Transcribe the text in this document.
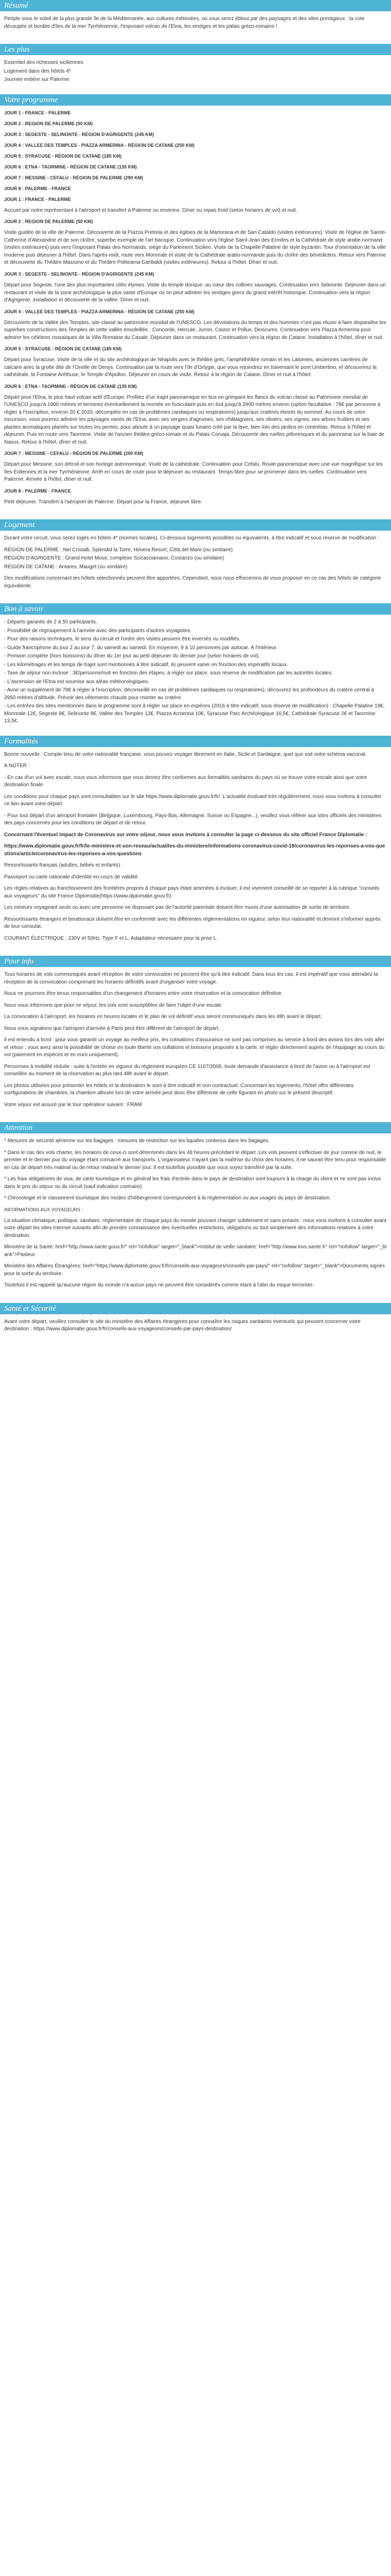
Résumé

Périple sous le soleil de la plus grande île de la Méditerranée, aux cultures métissées, où vous serez ébloui par des paysages et des sites prestigieux : la cote découpée et bordée d'îles de la mer Tyrrhénienne, l'imposant volcan de l'Etna, les vestiges et les palais gréco-romains !

Les plus

Essentiel des richesses siciliennes

Logement dans des hôtels 4*

Journée entière sur Palerme

Votre programme

JOUR 1 : FRANCE - PALERME

JOUR 2 : REGION DE PALERME (50 KM)

JOUR 3 : SEGESTE - SELINONTE - RÉGION D'AGRIGENTE (245 KM)

JOUR 4 : VALLEE DES TEMPLES - PIAZZA ARMERINA - RÉGION DE CATANE (250 KM)

JOUR 5 : SYRACUSE - RÉGION DE CATANE (185 KM)

JOUR 6 : ETNA - TAORMINE - RÉGION DE CATANE (135 KM)

JOUR 7 : MESSINE - CEFALU - RÉGION DE PALERME (290 KM)

JOUR 8 : PALERME - FRANCE

JOUR 1 : FRANCE - PALERME

Accueil par notre représentant à l'aéroport et transfert à Palerme ou environs. Dîner ou repas froid (selon horaires de vol) et nuit.

JOUR 2 : REGION DE PALERME (50 KM)

Visite guidée de la ville de Palerme. Découverte de la Piazza Pretoria et des églises de la Martorana et de San Cataldo (visites extérieures). Visite de l'église de Sainte-Catherine d'Alexandrie et de son cloître, superbe exemple de l'art baroque. Continuation vers l'église Saint-Jean des Ermites et la Cathédrale de style arabe-normand (visites extérieures) puis vers l'imposant Palais des Normands, siège du Parlement Sicilien. Visite de la Chapelle Palatine de style byzantin. Tour d'orientation de la ville moderne puis déjeuner à l'hôtel. Dans l'après-midi, route vers Monreale et visite de la Cathédrale arabo-normande puis du cloître des bénédictins. Retour vers Palerme et découverte du Théâtre Massimo et du Théâtre Politeama Garibaldi (visites extérieures). Retour à l'hôtel. Dîner et nuit.

JOUR 3 : SEGESTE - SELINONTE - RÉGION D'AGRIGENTE (245 KM)

Départ pour Segeste, l'une des plus importantes cités élymes. Visite du temple dorique, au cœur des collines sauvages. Continuation vers Selinonte. Déjeuner dans un restaurant et visite de la zone archéologique la plus vaste d'Europe où on peut admirer les vestiges grecs du grand intérêt historique. Continuation vers la région d'Agrigente, installation et découverte de la vallée. Dîner et nuit.

JOUR 4 : VALLEE DES TEMPLES - PIAZZA ARMERINA - RÉGION DE CATANE (250 KM)

Découverte de la Vallée des Temples, site classé au patrimoine mondial de l'UNESCO. Les dévotations du temps et des hommes n'ont pas réussi à faire disparaître les superbes constructions des Temples de cette vallée ensoleillée : Concorde, Hercule, Junon, Castor et Pollux, Dioscures. Continuation vers Piazza Armerina pour admirer les célèbres mosaïques de la Villa Romaine du Casale. Déjeuner dans un restaurant. Continuation vers la région de Catane. Installation à l'hôtel, dîner et nuit.

JOUR 5 : SYRACUSE - RÉGION DE CATANE (185 KM)

Départ pour Syracuse. Visite de la ville et du site archéologique de Néapolis avec le théâtre grec, l'amphithéâtre romain et les Latomies, anciennes carrières de calcaire avec la grotte dite de l'Oreille de Denys. Continuation par la route vers l'île d'Ortygie, que vous rejoindrez en traversant le pont Umbertino, et découvrirez la cathédrale, la Fontaine Aréthuse, le Temple d'Apollon. Déjeuner en cours de visite. Retour à la région de Catane. Dîner et nuit à l'hôtel.

JOUR 6 : ETNA - TAORMINE - RÉGION DE CATANE (135 KM)

Départ pour l'Etna, le plus haut volcan actif d'Europe. Profitez d'un trajet panoramique en bus en grimpant les flancs du volcan classé au Patrimoine mondial de l'UNESCO jusqu'à 1900 mètres et terminez éventuellement la montée en funiculaire puis en 4x4 jusqu'à 2900 mètres environ (option facultative : 78€ par personne à régler à l'inscription, environ 20 € 2020, décomptée en cas de problèmes cardiaques ou respiratoires) jusqu'aux cratères éteints du sommet. Au cours de votre excursion, vous pourrez admirer les paysages variés de l'Etna, avec ses vergers d'agrumes, ses châtaigniers, ses oliviers, ses vignes, ses arbres fruitiers et ses plantes aromatiques plantés sur toutes les pentes, pour aboutir à un paysage quasi lunaire créé par la lave, bien loin des jardins en contrebas. Retour à l'hôtel et déjeuner. Puis en route vers Taormine. Visite de l'ancien théâtre gréco-romain et du Palais Corvaja. Découverte des ruelles pittoresques et du panorama sur la baie de Naxos. Retour à l'hôtel, dîner et nuit.

JOUR 7 : MESSINE - CEFALU - RÉGION DE PALERME (290 KM)

Départ pour Messine, son détroit et son horloge astronomique. Visite de la cathédrale. Continuation pour Cefalu. Route panoramique avec une vue magnifique sur les îles Éoliennes et la mer Tyrrhénienne. Arrêt en cours de route pour le déjeuner au restaurant. Temps libre pour se promener dans les ruelles. Continuation vers Palerme. Arrivée à l'hôtel, dîner et nuit.

JOUR 8 : PALERME - FRANCE

Petit déjeuner. Transfert à l'aéroport de Palerme. Départ pour la France, déjeuner libre.

Logement

Durant votre circuit, vous serez logés en hôtels 4* (normes locales). Ci-dessous logements possibles ou équivalents, à titre indicatif et sous réserve de modification :

RÉGION DE PALERME : Nei Cristalli, Splendid la Torre, Himera Resort, Città del Mare (ou similaire)

RÉGION D'AGRIGENTE : Grand Hotel Mose, complexe Scicacciamano, Costanzo (ou similaire)

RÉGION DE CATANE : Antares, Mauget (ou similaire)

Des modifications concernant les hôtels sélectionnés peuvent être apportées. Cependant, nous nous efforcerons de vous proposer en ce cas des hôtels de catégorie équivalente.

Bon à savoir

- Départs garantis de 2 à 50 participants.

- Possibilité de regroupement à l'arrivée avec des participants d'autres voyagistes.

- Pour des raisons techniques, le sens du circuit et l'ordre des visites peuvent être inversés ou modifiés.

- Guide francophone du jour 2 au jour 7, du samedi au samedi. En moyenne, 9 à 10 personnes par autocar. À l'intérieur.

- Pension complète (hors boissons) du dîner du 1er jour au petit déjeuner du dernier jour (selon horaires de vol).

- Les kilométrages et les temps de trajet sont mentionnés à titre indicatif, ils peuvent varier en fonction des impératifs locaux.

- Taxe de séjour non incluse : 3€/personne/nuit en fonction des étapes, à régler sur place, sous réserve de modification par les autorités locales.

- L'ascension de l'Etna est soumise aux aléas météorologiques.

- Avoir un supplément de 78€ à régler à l'inscription, déconseillé en cas de problèmes cardiaques ou respiratoires), découvrez les profondeurs du cratère central à 2950 mètres d'altitude. Prévoir des vêtements chauds pour monter au cratère.

- Les entrées des sites mentionnés dans le programme sont à régler sur place en espèces (2016 à titre indicatif, sous réserve de modification) : Chapelle Palatine 19€, Monreale 12€, Segeste 8€, Selinonte 8€, Vallée des Temples 12€, Piazza Armerina 10€, Syracuse Parc Archéologique 16,5€, Cathédrale Syracuse 2€ et Taormine 13,5€.

Formalités

Bonne nouvelle : Compte tenu de votre nationalité française, vous pouvez voyager librement en Italie, Sicile et Sardaigne, quel que soit votre schéma vaccinal.

A NOTER :

- En cas d'un vol avec escale, nous vous informons que vous devrez être conformes aux formalités sanitaires du pays où se trouve votre escale ainsi que votre destination finale.

Les conditions pour chaque pays sont consultables sur le site https://www.diplomatie.gouv.fr/fr/. L'actualité évoluant très régulièrement, nous vous invitons à consulter ce lien avant votre départ.

- Pour tout départ d'un aéroport frontalier (Belgique, Luxembourg, Pays-Bas, Allemagne, Suisse ou Espagne...), veuillez vous référer aux sites officiels des ministères des pays concernés pour les conditions de départ et de retour.

Concernant l'éventuel impact de Coronavirus sur votre séjour, nous vous invitons à consulter la page ci-dessous du site officiel France Diplomatie :

https://www.diplomatie.gouv.fr/fr/le-ministere-et-son-reseau/actualites-du-ministere/informations-coronavirus-covid-19/coronavirus-les-reponses-a-vos-questions/article/coronavirus-les-reponses-a-vos-questions

Ressortissants français (adultes, bébés et enfants) :

Passeport ou carte nationale d'identité en cours de validité.

Les règles relatives au franchissement des frontières propres à chaque pays étant amenées à évoluer, il est vivement conseillé de se reporter à la rubrique "conseils aux voyageurs" du site France Diplomatie(https://www.diplomatie.gouv.fr).

Les mineurs voyageant seuls ou avec une personne ne disposant pas de l'autorité parentale doivent être munis d'une autorisation de sortie de territoire.

Ressortissants étrangers et binationaux doivent être en conformité avec les différentes réglementations en vigueur, selon leur nationalité et devront s'informer auprès de leur consulat.

COURANT ÉLECTRIQUE : 230V et 50Hz. Type F et L. Adaptateur nécessaire pour la prise L.

Pour info

Tous horaires de vols communiqués avant réception de votre convocation ne peuvent être qu'à titre indicatif. Dans tous les cas, il est impératif que vous attendiez la réception de la convocation comprenant les horaires définitifs avant d'organiser votre voyage.

Nous ne pourrons être tenus responsables d'un changement d'horaires entre votre réservation et la convocation définitive.

Nous vous informons que pour ce séjour, les vols sont susceptibles de faire l'objet d'une escale.

La convocation à l'aéroport, les horaires en heures locales et le plan de vol définitif vous seront communiqués dans les 48h avant le départ.

Nous vous signalons que l'aéroport d'arrivée à Paris peut être différent de l'aéroport de départ.

Il est entendu a bord : pour vous garantir un voyage au meilleur prix, les cotisations d'assurance ne sont pas comprises au service à bord des avions lors des vols aller et retour ; vous avez ainsi la possibilité de choisir en toute liberté vos collations et boissons proposés à la carte, et régler directement auprès de l'équipage au cours du vol (paiement en espèces et en euro uniquement).

Personnes à mobilité réduite : suite à l'entrée en vigueur du règlement européen CE 1107/2006, toute demande d'assistance à bord de l'avion ou à l'aéroport est conseillée au moment de la réservation au plus tard 48h avant le départ.

Les photos utilisées pour présenter les hôtels et la destination le sont à titre indicatif et non contractuel. Concernant les logements, l'hôtel offre différentes configurations de chambres, la chambre allouée lors de votre arrivée peut donc être différente de celle figurant en photo sur le présent descriptif.

Votre séjour est assuré par le tour opérateur suivant : FRAM

Attention

* Mesures de sécurité aérienne sur les bagages : mesures de restriction sur les liquides contenus dans les bagages.

* Dans le cas des vols charter, les horaires de ceux-ci sont déterminés dans les 48 heures précédant le départ. Les vols peuvent s'effectuer de jour comme de nuit, le premier et le dernier jour du voyage étant consacré aux transports. L'organisateur n'ayant pas la maîtrise du choix des horaires, il ne saurait être tenu pour responsable en cas de départ très matinal ou de retour matinal le dernier jour. Il est toutefois possible que vous soyez transféré par la suite.

* Les frais obligatoires de visa, de carte touristique et en général les frais d'entrée dans le pays de destination sont toujours à la charge du client et ne sont pas inclus dans le prix du séjour ou du circuit (sauf indication contraire).

* Chronologie et le classement touristique des modes d'hébergement correspondent à la réglementation ou aux usages du pays de destination.

INFORMATIONS AUX VOYAGEURS :

La situation climatique, politique, sanitaire, réglementaire de chaque pays du monde pouvant changer subitement et sans préavis : nous vous invitons à consulter avant votre départ les sites Internet suivants afin de prendre connaissance des éventuelles restrictions, obligations ou tout simplement des informations relatives à votre destination.

Ministère de la Santé: href="http://www.sante.gouv.fr/" rel="nofollow" target="_blank">Institut de veille sanitaire: href="http://www.invs.sante.fr" rel="nofollow" target="_blank">Pasteur

Ministère des Affaires Étrangères: href="https://www.diplomatie.gouv.fr/fr/conseils-aux-voyageurs/conseils-par-pays/" rel="nofollow" target="_blank">Documents signés pour la sortie du territoire.

Toutefois il est rappelé qu'aucune région du monde n'a aucun pays ne peuvent être considérés comme étant à l'abri du risque terroriste.

Santé et Sécurité

Avant votre départ, veuillez consulter le site du ministère des Affaires étrangères pour connaître les risques sanitaires éventuels qui peuvent concerner votre destination : https://www.diplomatie.gouv.fr/fr/conseils-aux-voyageurs/conseils-par-pays-destination/
